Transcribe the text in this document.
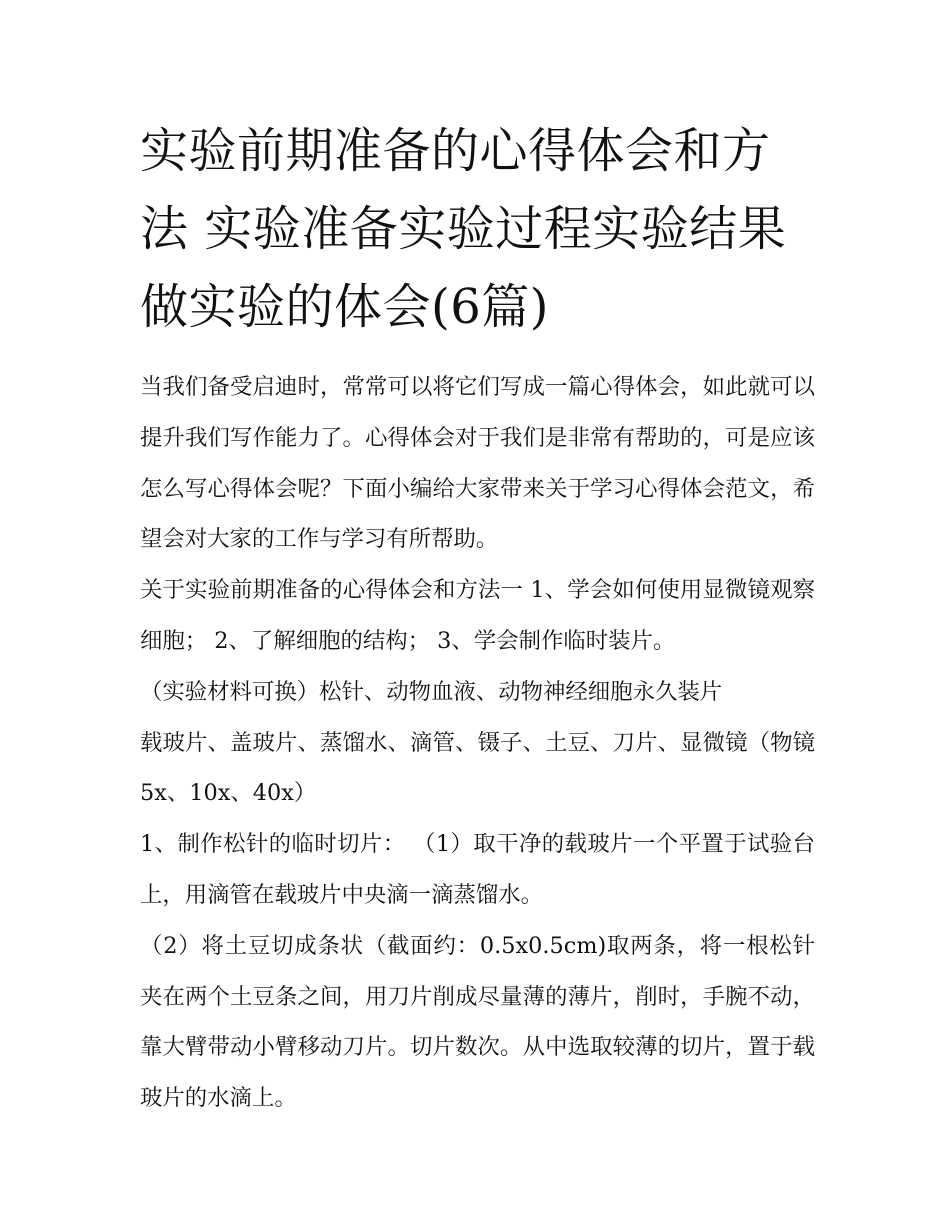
实验前期准备的心得体会和方法 实验准备实验过程实验结果做实验的体会(6篇)

当我们备受启迪时，常常可以将它们写成一篇心得体会，如此就可以提升我们写作能力了。心得体会对于我们是非常有帮助的，可是应该怎么写心得体会呢？下面小编给大家带来关于学习心得体会范文，希望会对大家的工作与学习有所帮助。

关于实验前期准备的心得体会和方法一 1、学会如何使用显微镜观察细胞； 2、了解细胞的结构； 3、学会制作临时装片。

（实验材料可换）松针、动物血液、动物神经细胞永久装片

载玻片、盖玻片、蒸馏水、滴管、镊子、土豆、刀片、显微镜（物镜 5x、10x、40x）

1、制作松针的临时切片： （1）取干净的载玻片一个平置于试验台上，用滴管在载玻片中央滴一滴蒸馏水。

（2）将土豆切成条状（截面约：0.5x0.5cm)取两条，将一根松针夹在两个土豆条之间，用刀片削成尽量薄的薄片，削时，手腕不动，靠大臂带动小臂移动刀片。切片数次。从中选取较薄的切片，置于载玻片的水滴上。
